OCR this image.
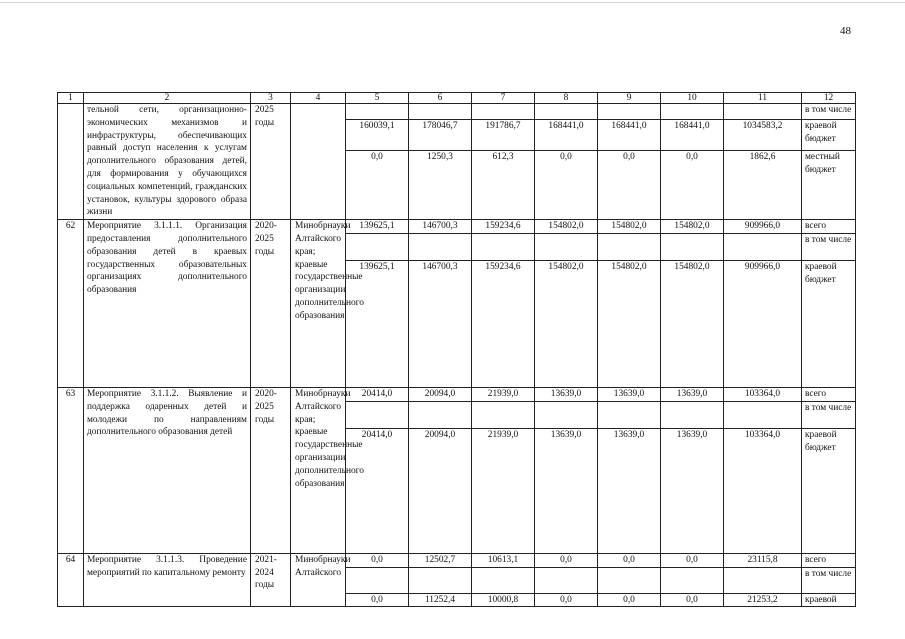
48
1	2	3	4	5	6	7	8	9	10	11	12
	тельной сети, организационно-экономических механизмов и инфраструктуры, обеспечивающих равный доступ населения к услугам дополнительного образования детей, для формирования у обучающихся социальных компетенций, гражданских установок, культуры здорового образа жизни	2025 годы									в том числе
				160039,1	178046,7	191786,7	168441,0	168441,0	168441,0	1034583,2	краевой бюджет
				0,0	1250,3	612,3	0,0	0,0	0,0	1862,6	местный бюджет
62	Мероприятие 3.1.1.1. Организация предоставления дополнительного образования детей в краевых государственных образовательных организациях дополнительного образования	2020-2025 годы	Минобрнауки Алтайского края; краевые государственные организации дополнительного образования	139625,1	146700,3	159234,6	154802,0	154802,0	154802,0	909966,0	всего
											в том числе
				139625,1	146700,3	159234,6	154802,0	154802,0	154802,0	909966,0	краевой бюджет
63	Мероприятие 3.1.1.2. Выявление и поддержка одаренных детей и молодежи по направлениям дополнительного образования детей	2020-2025 годы	Минобрнауки Алтайского края; краевые государственные организации дополнительного образования	20414,0	20094,0	21939,0	13639,0	13639,0	13639,0	103364,0	всего
											в том числе
				20414,0	20094,0	21939,0	13639,0	13639,0	13639,0	103364,0	краевой бюджет
64	Мероприятие 3.1.1.3. Проведение мероприятий по капитальному ремонту	2021-2024 годы	Минобрнауки Алтайского	0,0	12502,7	10613,1	0,0	0,0	0,0	23115,8	всего
											в том числе
				0,0	11252,4	10000,8	0,0	0,0	0,0	21253,2	краевой
